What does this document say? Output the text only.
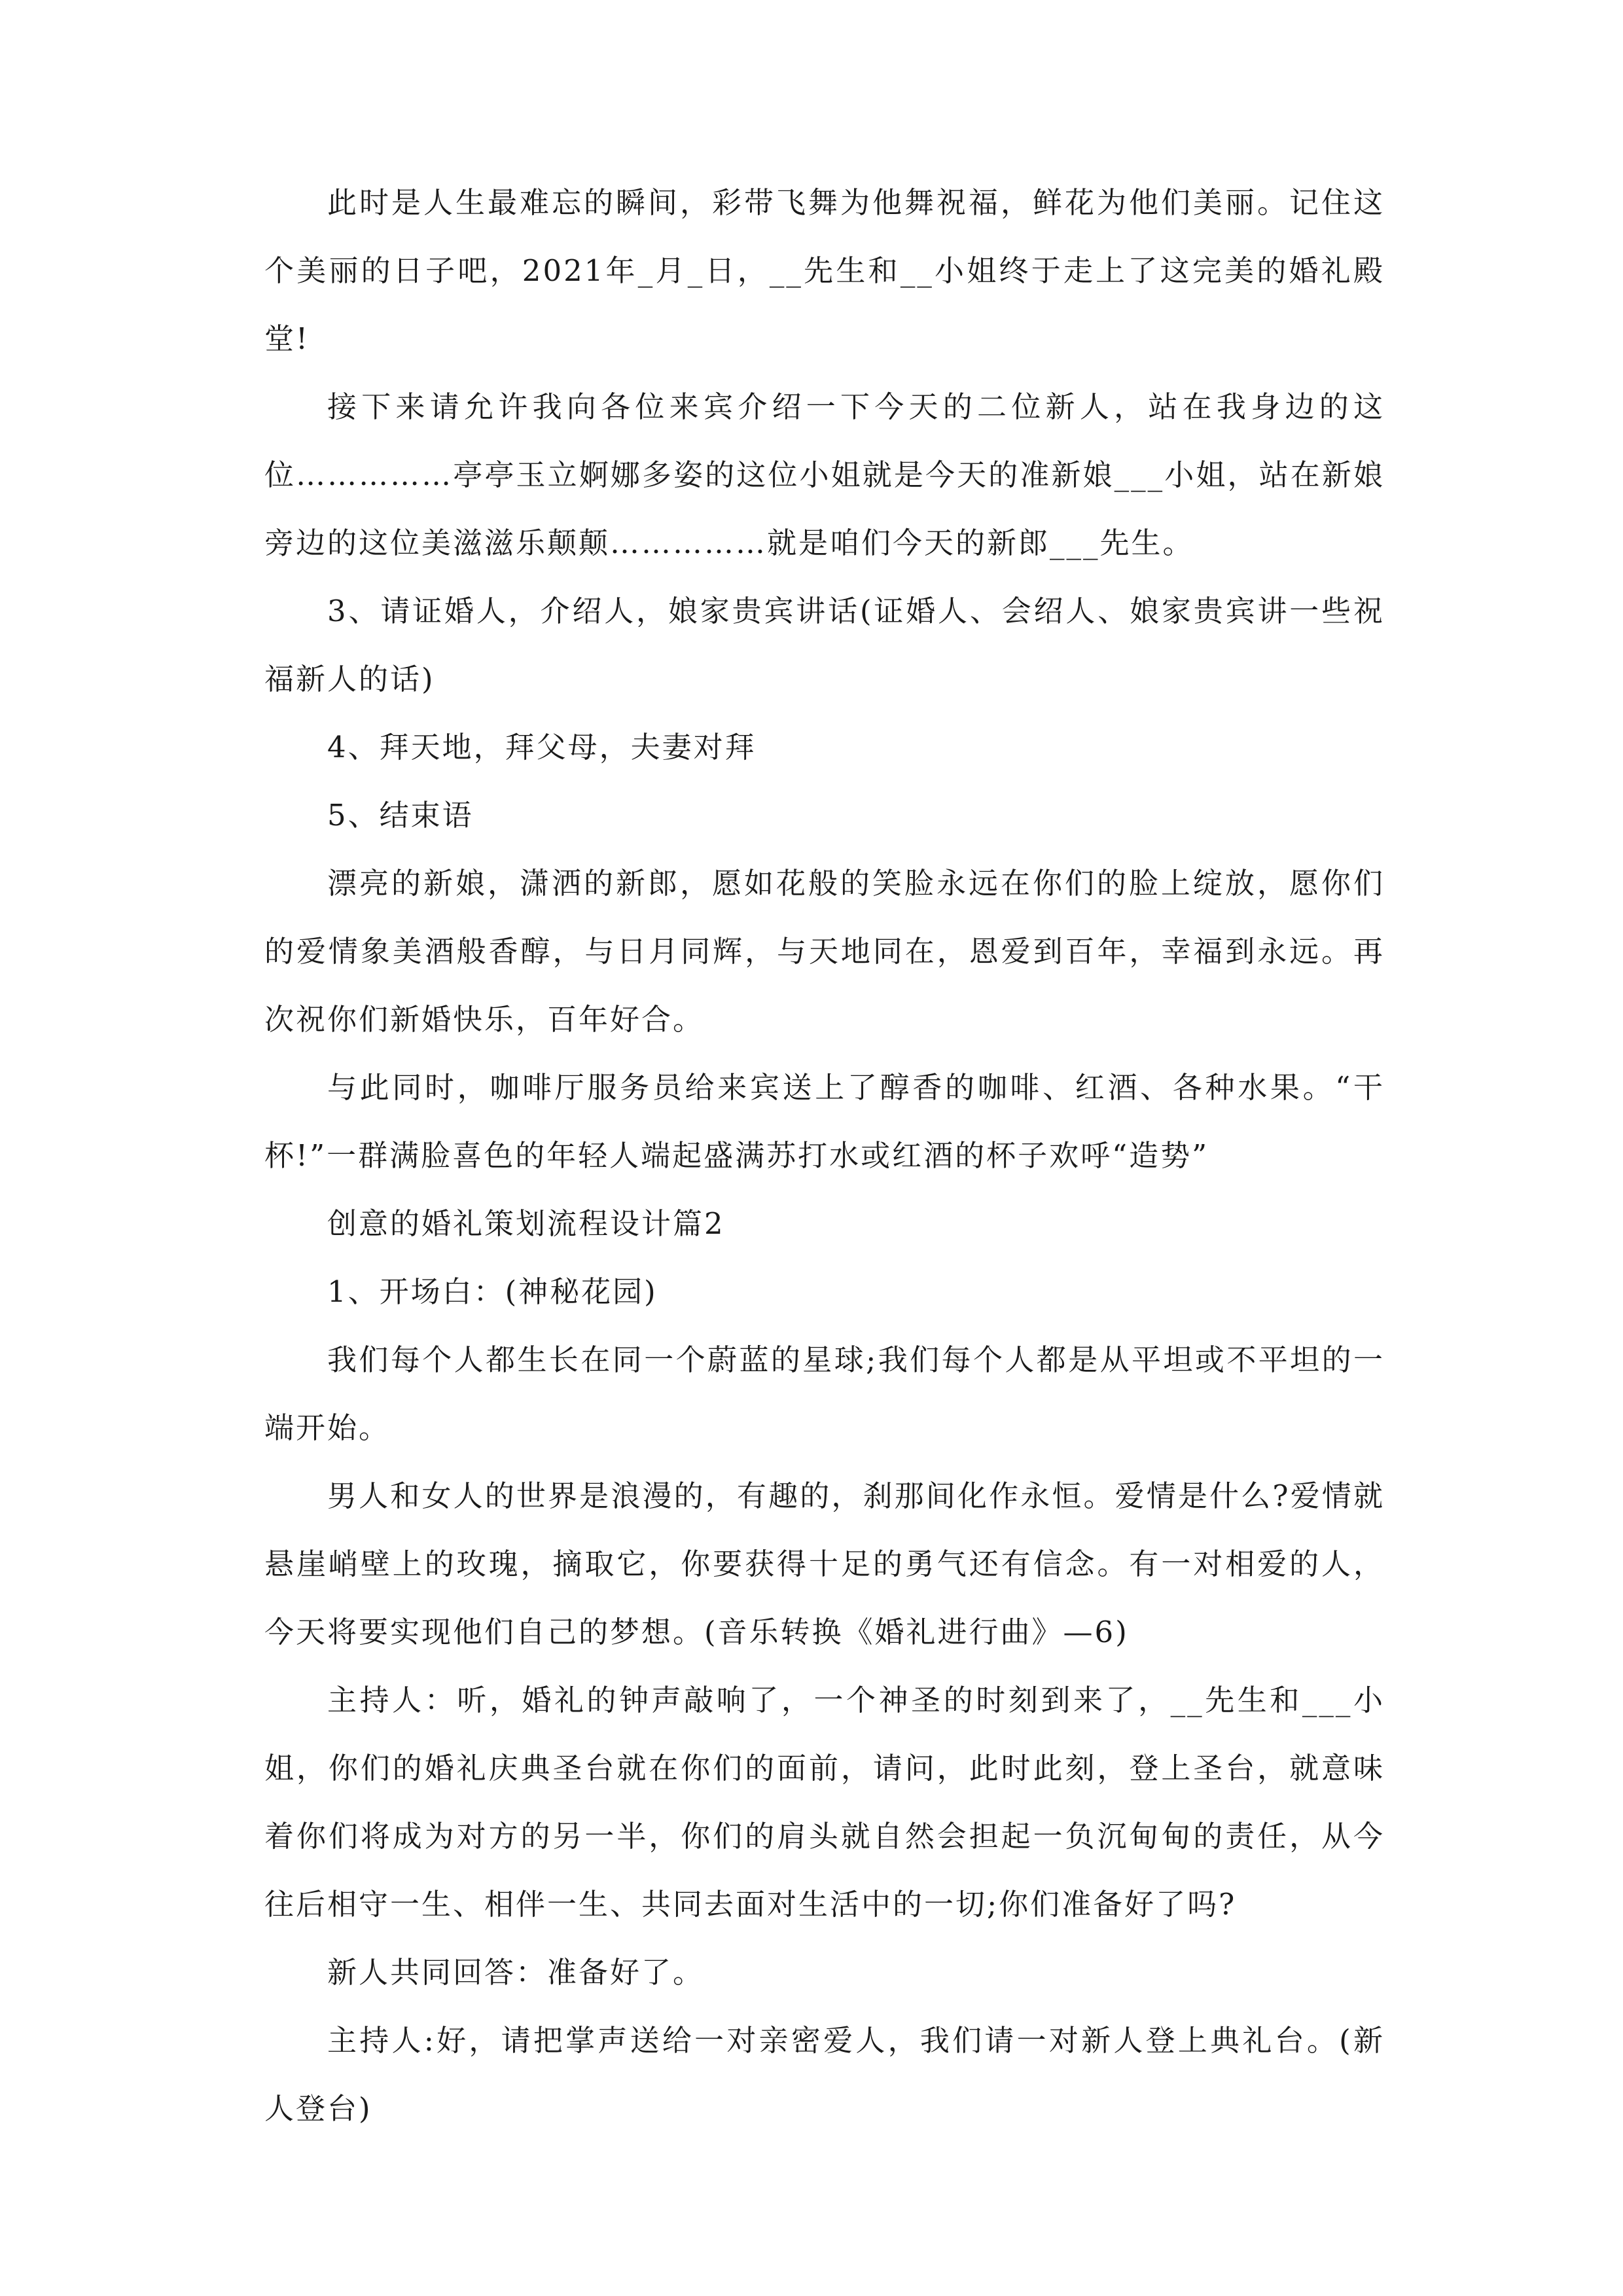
此时是人生最难忘的瞬间，彩带飞舞为他舞祝福，鲜花为他们美丽。记住这个美丽的日子吧，2021年_月_日，__先生和__小姐终于走上了这完美的婚礼殿堂!

接下来请允许我向各位来宾介绍一下今天的二位新人，站在我身边的这位……………亭亭玉立婀娜多姿的这位小姐就是今天的准新娘___小姐，站在新娘旁边的这位美滋滋乐颠颠……………就是咱们今天的新郎___先生。

3、请证婚人，介绍人，娘家贵宾讲话(证婚人、会绍人、娘家贵宾讲一些祝福新人的话)

4、拜天地，拜父母，夫妻对拜

5、结束语

漂亮的新娘，潇洒的新郎，愿如花般的笑脸永远在你们的脸上绽放，愿你们的爱情象美酒般香醇，与日月同辉，与天地同在，恩爱到百年，幸福到永远。再次祝你们新婚快乐，百年好合。

与此同时，咖啡厅服务员给来宾送上了醇香的咖啡、红酒、各种水果。“干杯!”一群满脸喜色的年轻人端起盛满苏打水或红酒的杯子欢呼“造势”

创意的婚礼策划流程设计篇2

1、开场白：(神秘花园)

我们每个人都生长在同一个蔚蓝的星球;我们每个人都是从平坦或不平坦的一端开始。

男人和女人的世界是浪漫的，有趣的，刹那间化作永恒。爱情是什么?爱情就悬崖峭壁上的玫瑰，摘取它，你要获得十足的勇气还有信念。有一对相爱的人，今天将要实现他们自己的梦想。(音乐转换《婚礼进行曲》—6)

主持人：听，婚礼的钟声敲响了，一个神圣的时刻到来了，__先生和___小姐，你们的婚礼庆典圣台就在你们的面前，请问，此时此刻，登上圣台，就意味着你们将成为对方的另一半，你们的肩头就自然会担起一负沉甸甸的责任，从今往后相守一生、相伴一生、共同去面对生活中的一切;你们准备好了吗?

新人共同回答：准备好了。

主持人:好，请把掌声送给一对亲密爱人，我们请一对新人登上典礼台。(新人登台)
